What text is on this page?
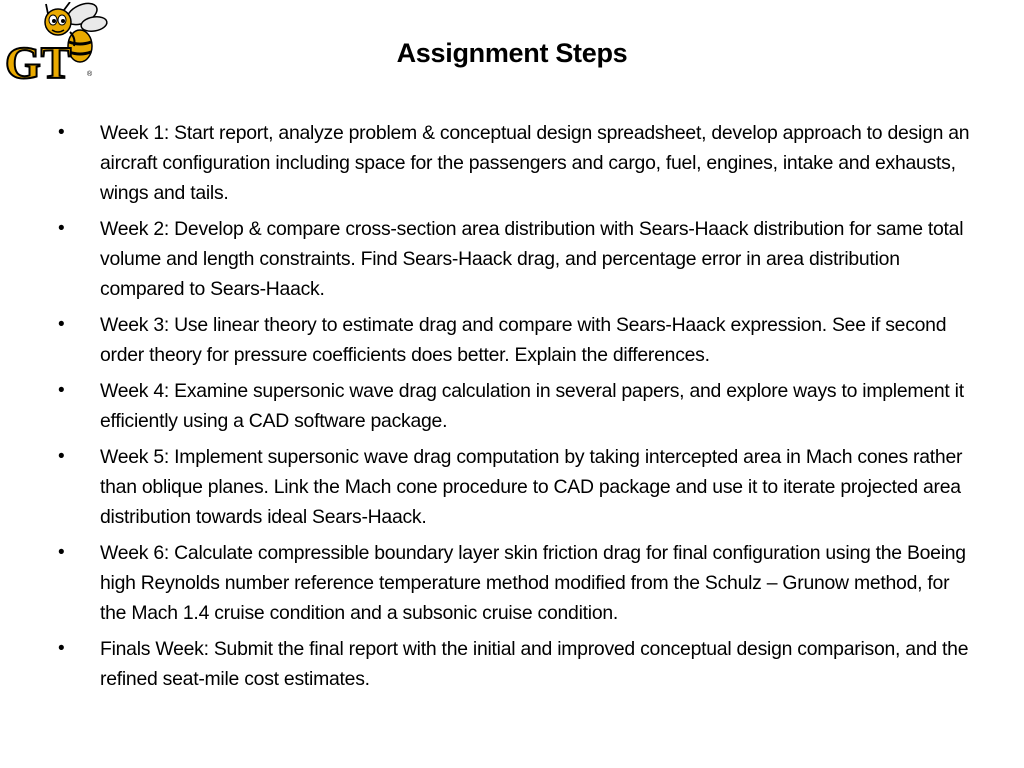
GT ®
Assignment Steps
• Week 1: Start report, analyze problem & conceptual design spreadsheet, develop approach to design an aircraft configuration including space for the passengers and cargo, fuel, engines, intake and exhausts, wings and tails.
• Week 2: Develop & compare cross-section area distribution with Sears-Haack distribution for same total volume and length constraints. Find Sears-Haack drag, and percentage error in area distribution compared to Sears-Haack.
• Week 3: Use linear theory to estimate drag and compare with Sears-Haack expression. See if second order theory for pressure coefficients does better. Explain the differences.
• Week 4: Examine supersonic wave drag calculation in several papers, and explore ways to implement it efficiently using a CAD software package.
• Week 5: Implement supersonic wave drag computation by taking intercepted area in Mach cones rather than oblique planes. Link the Mach cone procedure to CAD package and use it to iterate projected area distribution towards ideal Sears-Haack.
• Week 6: Calculate compressible boundary layer skin friction drag for final configuration using the Boeing high Reynolds number reference temperature method modified from the Schulz – Grunow method, for the Mach 1.4 cruise condition and a subsonic cruise condition.
• Finals Week: Submit the final report with the initial and improved conceptual design comparison, and the refined seat-mile cost estimates.
